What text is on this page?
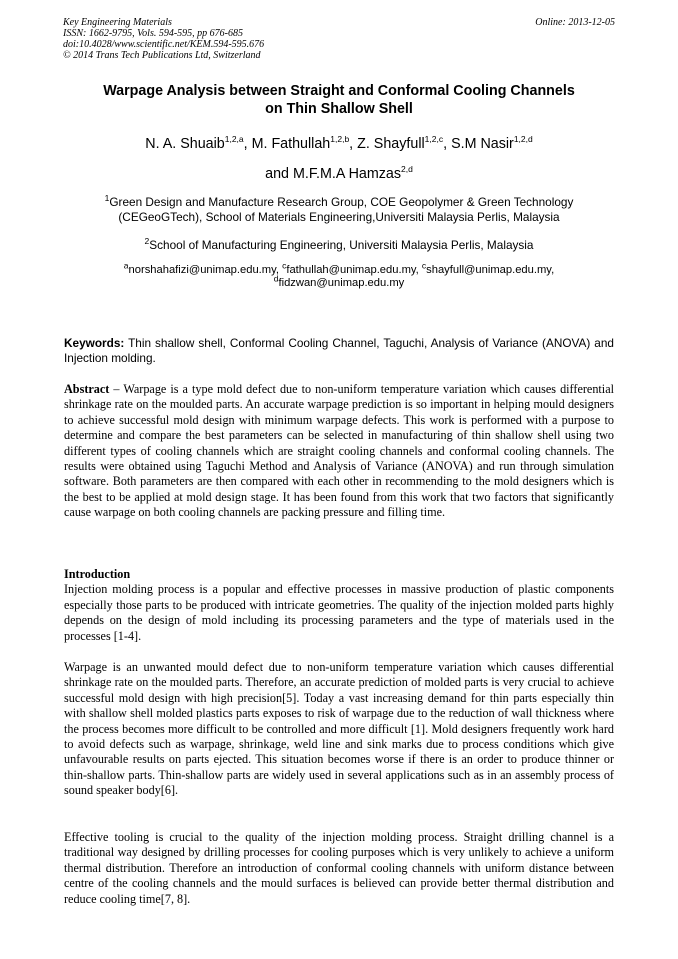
Key Engineering Materials
ISSN: 1662-9795, Vols. 594-595, pp 676-685
doi:10.4028/www.scientific.net/KEM.594-595.676
© 2014 Trans Tech Publications Ltd, Switzerland
Online: 2013-12-05
Warpage Analysis between Straight and Conformal Cooling Channels
on Thin Shallow Shell
N. A. Shuaib$^{1,2,a}$, M. Fathullah$^{1,2,b}$, Z. Shayfull$^{1,2,c}$, S.M Nasir$^{1,2,d}$
and M.F.M.A Hamzas$^{2,d}$
$^1$Green Design and Manufacture Research Group, COE Geopolymer & Green Technology
(CEGeoGTech), School of Materials Engineering,Universiti Malaysia Perlis, Malaysia
$^2$School of Manufacturing Engineering, Universiti Malaysia Perlis, Malaysia
$^a$norshahafizi@unimap.edu.my, $^c$fathullah@unimap.edu.my, $^c$shayfull@unimap.edu.my,
$^d$fidzwan@unimap.edu.my
Keywords: Thin shallow shell, Conformal Cooling Channel, Taguchi, Analysis of Variance (ANOVA) and Injection molding.
Abstract – Warpage is a type mold defect due to non-uniform temperature variation which causes differential shrinkage rate on the moulded parts. An accurate warpage prediction is so important in helping mould designers to achieve successful mold design with minimum warpage defects. This work is performed with a purpose to determine and compare the best parameters can be selected in manufacturing of thin shallow shell using two different types of cooling channels which are straight cooling channels and conformal cooling channels. The results were obtained using Taguchi Method and Analysis of Variance (ANOVA) and run through simulation software. Both parameters are then compared with each other in recommending to the mold designers which is the best to be applied at mold design stage. It has been found from this work that two factors that significantly cause warpage on both cooling channels are packing pressure and filling time.
Introduction
Injection molding process is a popular and effective processes in massive production of plastic components especially those parts to be produced with intricate geometries. The quality of the injection molded parts highly depends on the design of mold including its processing parameters and the type of materials used in the processes [1-4].
Warpage is an unwanted mould defect due to non-uniform temperature variation which causes differential shrinkage rate on the moulded parts. Therefore, an accurate prediction of molded parts is very crucial to achieve successful mold design with high precision[5]. Today a vast increasing demand for thin parts especially thin with shallow shell molded plastics parts exposes to risk of warpage due to the reduction of wall thickness where the process becomes more difficult to be controlled and more difficult [1]. Mold designers frequently work hard to avoid defects such as warpage, shrinkage, weld line and sink marks due to process conditions which give unfavourable results on parts ejected. This situation becomes worse if there is an order to produce thinner or thin-shallow parts. Thin-shallow parts are widely used in several applications such as in an assembly process of sound speaker body[6].
Effective tooling is crucial to the quality of the injection molding process. Straight drilling channel is a traditional way designed by drilling processes for cooling purposes which is very unlikely to achieve a uniform thermal distribution. Therefore an introduction of conformal cooling channels with uniform distance between centre of the cooling channels and the mould surfaces is believed can provide better thermal distribution and reduce cooling time[7, 8].
